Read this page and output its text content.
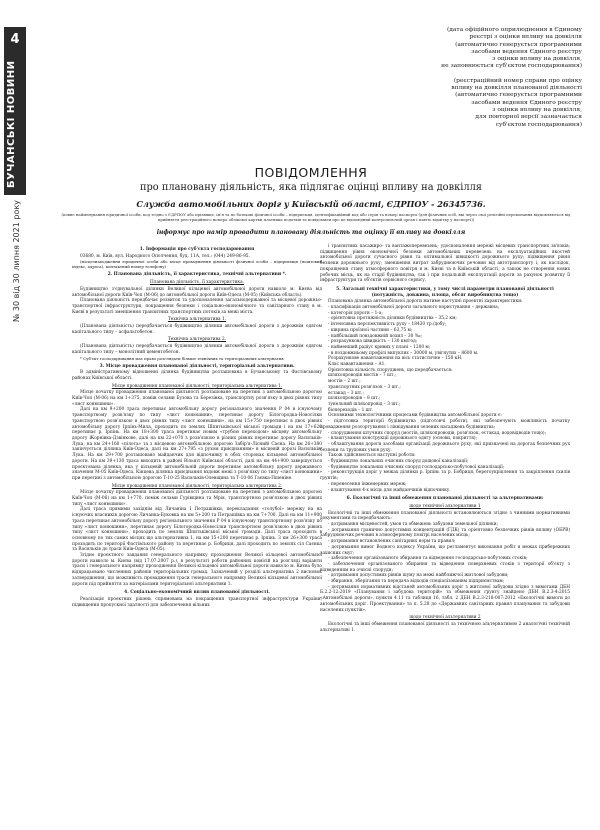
4
БУЧАНСЬКІ НОВИНИ
№ 30 від 30 липня 2021 року
(дата офіційного оприлюднення в Єдиному
реєстрі з оцінки впливу на довкілля
(автоматично генерується програмними
засобами ведення Єдиного реєстру
з оцінки впливу на довкілля,
не заповнюється суб'єктом господарювання)
(реєстраційний номер справи про оцінку
впливу на довкілля планованої діяльності
(автоматично генерується програмними
засобами ведення Єдиного реєстру
з оцінки впливу на довкілля,
для повторної версії зазначається
суб'єктом господарювання)
ПОВІДОМЛЕННЯ
про плановану діяльність, яка підлягає оцінці впливу на довкілля
Служба автомобільних доріг у Київській області, ЄДРПОУ - 26345736.
(повне найменування юридичної особи, код згідно з ЄДРПОУ або прізвище, ім'я та по батькові фізичної особи – підприємця, ідентифікаційний код або серія та номер паспорта (для фізичних осіб, які через свої релігійні переконання відмовляються від прийняття реєстраційного номера облікової картки платника податків та повідомили про це відповідний контролюючий орган і мають відмітку у паспорті))
інформує про намір провадити плановану діяльність та оцінку її впливу на довкілля

1. Інформація про суб'єкта господарювання

03680, м. Київ, вул. Народного Ополчення, буд. 11А, тел.: (044) 249-86-95.

(місцезнаходження юридичної особи або місце провадження діяльності фізичної особи – підприємця (поштовий індекс, адреса), контактний номер телефону)

2. Планована діяльність, її характеристика, технічні альтернативи *.

Планована діяльність, її характеристика.

Будівництво з'єднувальної ділянки Великої кільцевої автомобільної дороги навколо м. Києва від автомобільної дороги Київ-Чоп (М-06) до автомобільної дороги Київ-Одеса (М-05) (Київська область).

Планована діяльність передбачає розвиток та удосконалення загальнодержавної та місцевої дорожньо-транспортної інфраструктури, покращення безпеки і соціально-економічного та санітарного стану в м. Києві в результаті зменшення транзитних транспортних потоків за межі міста.

Технічна альтернатива 1.

(Планована діяльність) передбачається будівництво ділянки автомобільної дороги з дорожнім одягом капітального типу – асфальтобетон.

Технічна альтернатива 2.

(Планована діяльність) передбачається будівництво ділянки автомобільної дороги з дорожнім одягом капітального типу – монолітний цементобетон.

* Суб'єкт господарювання має право розглядати більше технічних та територіальних альтернатив

3. Місце провадження планованої діяльності, територіальні альтернативи.

В адміністративному відношенні ділянка будівництва розташована в Бучанському та Фастівському районах Київської області.

Місце провадження планованої діяльності, територіальна альтернатива 1.

Місце початку провадження планованої діяльності розташоване на перетині з автомобільною дорогою Київ-Чоп (М-06) на км 1+375, поміж селами Бузова та Березівка, транспортну розв'язку в двох рівнях типу «лист конюшини».

Далі на км 9+200 траса перетинає автомобільну дорогу регіонального значення Р 04 в існуючому транспортному розв'язку по типу «лист конюшини», перетинає дорогу Білогородка-Новосілки транспортною розв'язкою в двох рівнях типу «лист конюшини», на км 15+750 перетинає в двох рівнях автомобільну дорогу Ірпінь-Мила, проходить по землях Шпитьківської міської громади і на км 17+620 перетинає р. Ірпінь. На км 18+300 траса перетинає новим «трубою переходом» місцеву автомобільну дорогу Жорнівка-Дзвінкове, далі на км 22+070 з розв'язкою в різних рівнях перетинає дорогу Васильків-Лука, на км 24+160 «пілота» та з місцевою автомобільною дорогою Забір'я-Ліснийі Саєна. На км 26+380 закінчується ділянка Київ-Одеса, далі на км 27+795 «з рухом приєднанням» в місцевій дорозі Васильків-Лука. На км 29+700 розташовано майданчик для відпочинку в обох сторонах кільцевої автомобільної дороги. На км 39+130 траса виходить в районі Вільніт Київської області, далі на км 44+900 завершується проєктована ділянка, яка у кільцевій автомобільній дороги перетинає автомобільну дорогу державного значення М-05 Київ-Одеса. Кінцева ділянка приєднання вздовж межі з розв'язку по типу «лист конюшини» при перетині з автомобільною дорогою Т-10-25 Васильків-Олевщина та Т-10-06 Гаєвка-Пшеніне.

Місце провадження планованої діяльності, територіальна альтернатива 2.

Місце початку провадження планованої діяльності розташоване на перетині з автомобільною дорогою Київ-Чоп (М-06) на км 1+770, поміж селами Гурівщина та Мрія, транспортною розв'язкою в двох рівнях типу «лист конюшини».

Далі траса прямими західнім від Личаніна І Петрашівки, перекладання «голубої» мережу на на існуючих власників дорогою Личанка-Буковка на км 5+200 та Петрашівка на км 7+700. Далі на км 11+900 траса перетинає автомобільну дорогу регіонального значення Р 04 в існуючому транспортному розв'язку по типу «лист конюшини», перетинає дорогу Білогородка-Новосілки транспортною розв'язкою в двох рівнях типу «лист конюшини», проходить по землях Шпитьківської міської громади. Далі траса проходить в основному по тих самих місцях що альтернативна 1, на км 15+200 перетинає р. Ірпінь. 3 км 26+300 траса проходить по території Фастівського району та перетинає р. Бобриця, далі проходить по землях сіл Саєнка та Васильків до траси Київ-Одеса (М-05).

Згідно проєктного завдання генерального напрямку проходження Великої кільцевої автомобільної дороги навколо м. Києва (від 17.07.2007 р.), в результаті роботи районних комісій на розгляді варіанти траси і генерального напрямку проходження Великої кільцевої автомобільної дороги навколо м. Києва було відпрацьовано численних районів територіальних громад. Зазначений у розділі альтернатива 2 висновок затвердження, що можливість провадження траси генерального напрямку Великої кільцевої автомобільної дороги під прийняття за матеріалами територіальної альтернативи 1.

4. Соціально-економічний вплив планованої діяльності.

Реалізація проектних рішень спрямована на покращення транспортної інфраструктури України, підвищення пропускної здатності для забезпечення вільних

і транзитних пасажиро- та вантажоперевезень; удосконалення мережі місцевих транспортних зв'язків; підвищення рівня економічної безпеки автомобільних перевезень на експлуатаційних якостей автомобільної дороги сучасного рівня та оптимальної швидкості дорожнього руху; підвищення рівня безпеки дорожнього руху; зменшення витрат забруднюючих речовин від автотранспорту і, як наслідок, покращення стану атмосферного повітря в м. Києві та в Київській області, а також не створення нових робочих місць, як на стадії будівництва, так і при подальшій експлуатації дороги за рахунок розвитку її інфраструктури та об'єктів сервісного сервісу.

5. Загальні технічні характеристики, у тому числі параметри планованої діяльності (потужність, довжина, площа, обсяг виробництва тощо)

Планована ділянка автомобільної дороги матиме наступні проектні характеристики:

- класифікація автомобільної дороги загального користування – державна;

- категорія дороги – 1-а;

- орієнтовна протяжність ділянки будівництва – 35,2 км;

- інтенсивна перспективність руху – 18430 тр./добу;

- ширина проїзної частини – 63,75 м;

- найбільший повздовжній похил – 30 ‰;

- розрахункова швидкість – 130 км/год;

- найменший радіус кривих у плані – 1200 м;

- в поздовжньому профілі випуклих – 30000 м, увігнутих – 8600 м.

Розрахункове навантаження на вісь статистичне – 150 кН.

Клас навантаження – А1.

Орієнтовна кількість споруджень, що передбачається:

шляхопроводів мостів – 7 шт.;

мостів – 2 шт.;

транспортних розв'язок – 3 шт.;

естакад – 3 шт.;

шляхопроводів – 8 шт.;

тунельний шляхопровід – 3 шт.;

біопереходів – 1 шт.

Основними технологічними процесами будівництва автомобільної дороги є:

- підготовка території будівництва (підготовчі роботи), які забезпечують можливість початку провадження розсортування і ліквідування зелених насаджень будівництва;

- спорудження штучних споруд (мостів, шляхопроводів, розв'язок, естакад, водовідводів тощо);

- влаштування конструкції дорожнього одягу (основи, покриття);

- облаштування дороги засобами організації дорожнього руху, які призначені на дорогах безпечних рух безпеки та трудових умов руху.

Також здійснюються наступні роботи:

- будівництво локальних очисних споруд дощової каналізації;

- будівництво локальних очисних споруд господарсько-побутової каналізації;

- реконструкція доріг у межах ділянки р. Ірпінь та р. Бобриця, берегоукріплення та закріплення схилів ґрунтів;

- перенесення інженерних мереж;

- влаштування 4-х місць для майданчиків відпочинку.

6. Екологічні та інші обмеження планованої діяльності за альтернативами:

щодо технічної альтернативи 1

Екологічні та інші обмеження планованої діяльності встановлюються згідно з чинними нормативними документами та передбачають:

- дотримання місцевостей, умов та обмежень забудови земельної ділянки;

- дотримання гранично допустимих концентрацій (ГДК) та орієнтовно безпечних рівнів впливу (ОБРВ) забруднюючих речовин в атмосферному повітрі населених місць;

- дотримання встановлених санітарних норм та правил;

- дотримання вимог Водного кодексу України, що регламентує виконання робіт в межах прибережних захисних смуг;

- забезпечення організованого збирання та відведення господарсько-побутових стоків;

- забезпечення організованого збирання та відведення поверхневих стоків з території об'єкту з відведенням на очисні споруди;

- дотримання допустимих рівнів шуму на межі найближчої житлової забудови;

- збирання, зберігання та передача відходів спеціалізованим підприємствам;

- дотримання нормативних відстаней автомобільних доріг з житлової забудови згідно з вимогами ДБН Б.2.2-12:2019 «Планування і забудова територій» та обмеження ґрунту знайдено ДБН В.2.3-4:2015 «Автомобільні дороги», пункти 4.11 та таблиця 16, табл. 2 ДБН В.2.3-218-007:2012 «Екологічні вимоги до автомобільних доріг. Проектування» та п. 5.28 до «Державних санітарних правил планування та забудови населених пунктів».

щодо технічної альтернативи 2

Екологічні та інші обмеження планованої діяльності за технічною альтернативою 2 аналогічні технічній альтернативі 1.
